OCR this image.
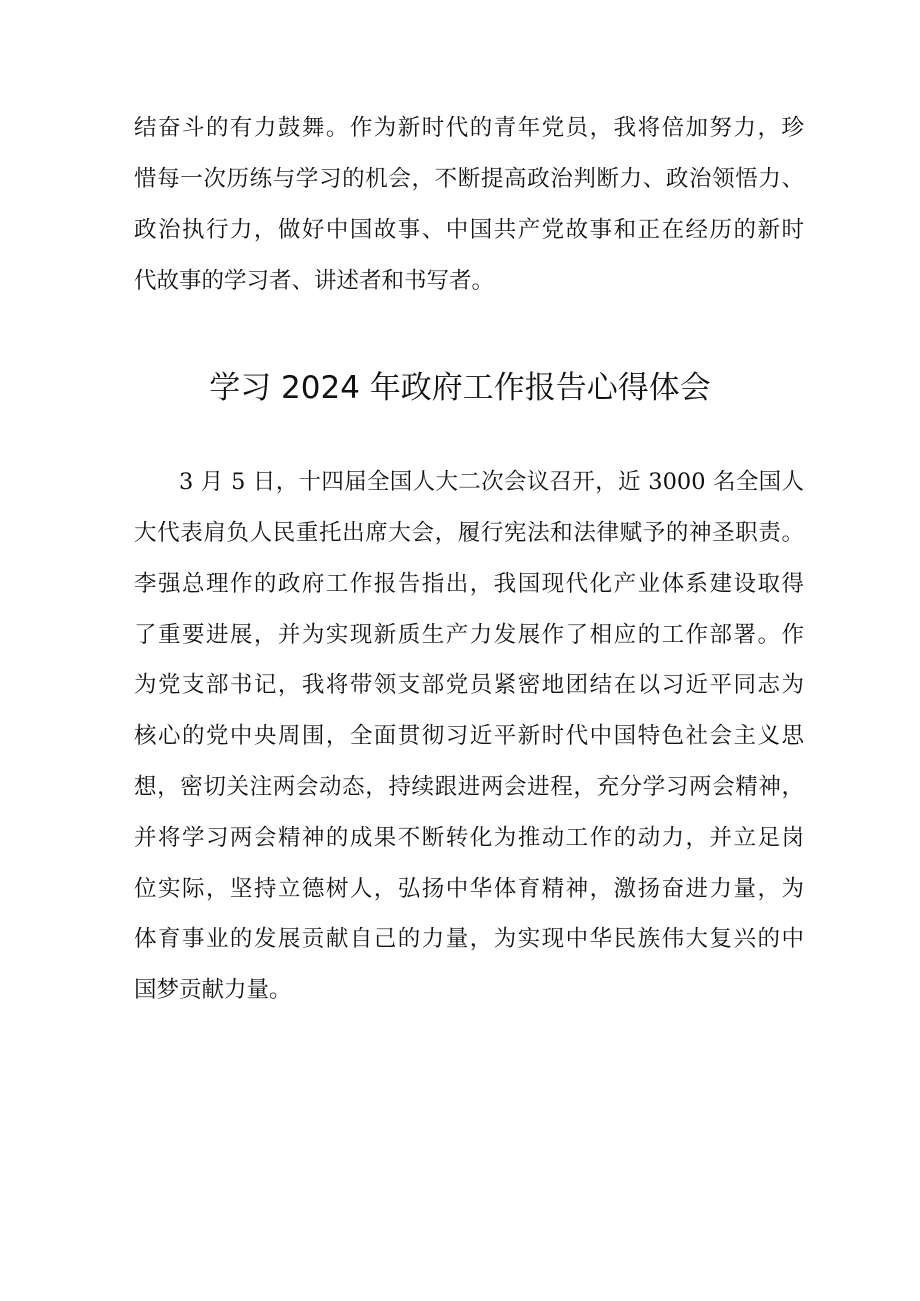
结奋斗的有力鼓舞。作为新时代的青年党员，我将倍加努力，珍
惜每一次历练与学习的机会，不断提高政治判断力、政治领悟力、
政治执行力，做好中国故事、中国共产党故事和正在经历的新时
代故事的学习者、讲述者和书写者。
学习 2024 年政府工作报告心得体会
3 月 5 日，十四届全国人大二次会议召开，近 3000 名全国人
大代表肩负人民重托出席大会，履行宪法和法律赋予的神圣职责。
李强总理作的政府工作报告指出，我国现代化产业体系建设取得
了重要进展，并为实现新质生产力发展作了相应的工作部署。作
为党支部书记，我将带领支部党员紧密地团结在以习近平同志为
核心的党中央周围，全面贯彻习近平新时代中国特色社会主义思
想，密切关注两会动态，持续跟进两会进程，充分学习两会精神，
并将学习两会精神的成果不断转化为推动工作的动力，并立足岗
位实际，坚持立德树人，弘扬中华体育精神，激扬奋进力量，为
体育事业的发展贡献自己的力量，为实现中华民族伟大复兴的中
国梦贡献力量。
